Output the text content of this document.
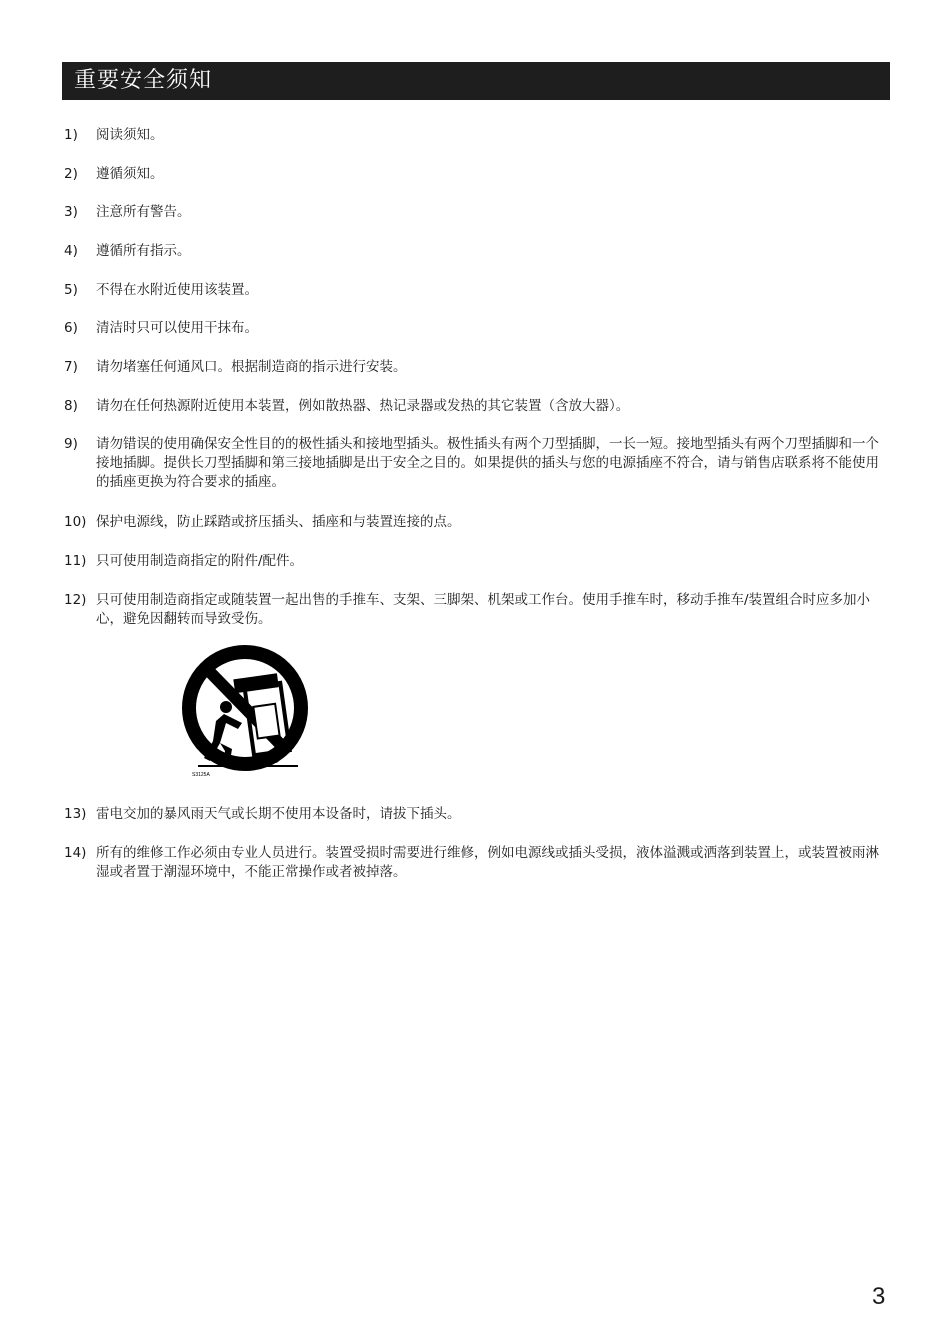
重要安全须知
1)	阅读须知。
2)	遵循须知。
3)	注意所有警告。
4)	遵循所有指示。
5)	不得在水附近使用该装置。
6)	清洁时只可以使用干抹布。
7)	请勿堵塞任何通风口。根据制造商的指示进行安装。
8)	请勿在任何热源附近使用本装置，例如散热器、热记录器或发热的其它装置（含放大器）。
9)	请勿错误的使用确保安全性目的的极性插头和接地型插头。极性插头有两个刀型插脚，一长一短。接地型插头有两个刀型插脚和一个接地插脚。提供长刀型插脚和第三接地插脚是出于安全之目的。如果提供的插头与您的电源插座不符合，请与销售店联系将不能使用的插座更换为符合要求的插座。
10) 保护电源线，防止踩踏或挤压插头、插座和与装置连接的点。
11) 只可使用制造商指定的附件/配件。
12) 只可使用制造商指定或随装置一起出售的手推车、支架、三脚架、机架或工作台。使用手推车时，移动手推车/装置组合时应多加小心，避免因翻转而导致受伤。
S3125A
13) 雷电交加的暴风雨天气或长期不使用本设备时，请拔下插头。
14) 所有的维修工作必须由专业人员进行。装置受损时需要进行维修，例如电源线或插头受损，液体溢溅或洒落到装置上，或装置被雨淋湿或者置于潮湿环境中，不能正常操作或者被掉落。
3
